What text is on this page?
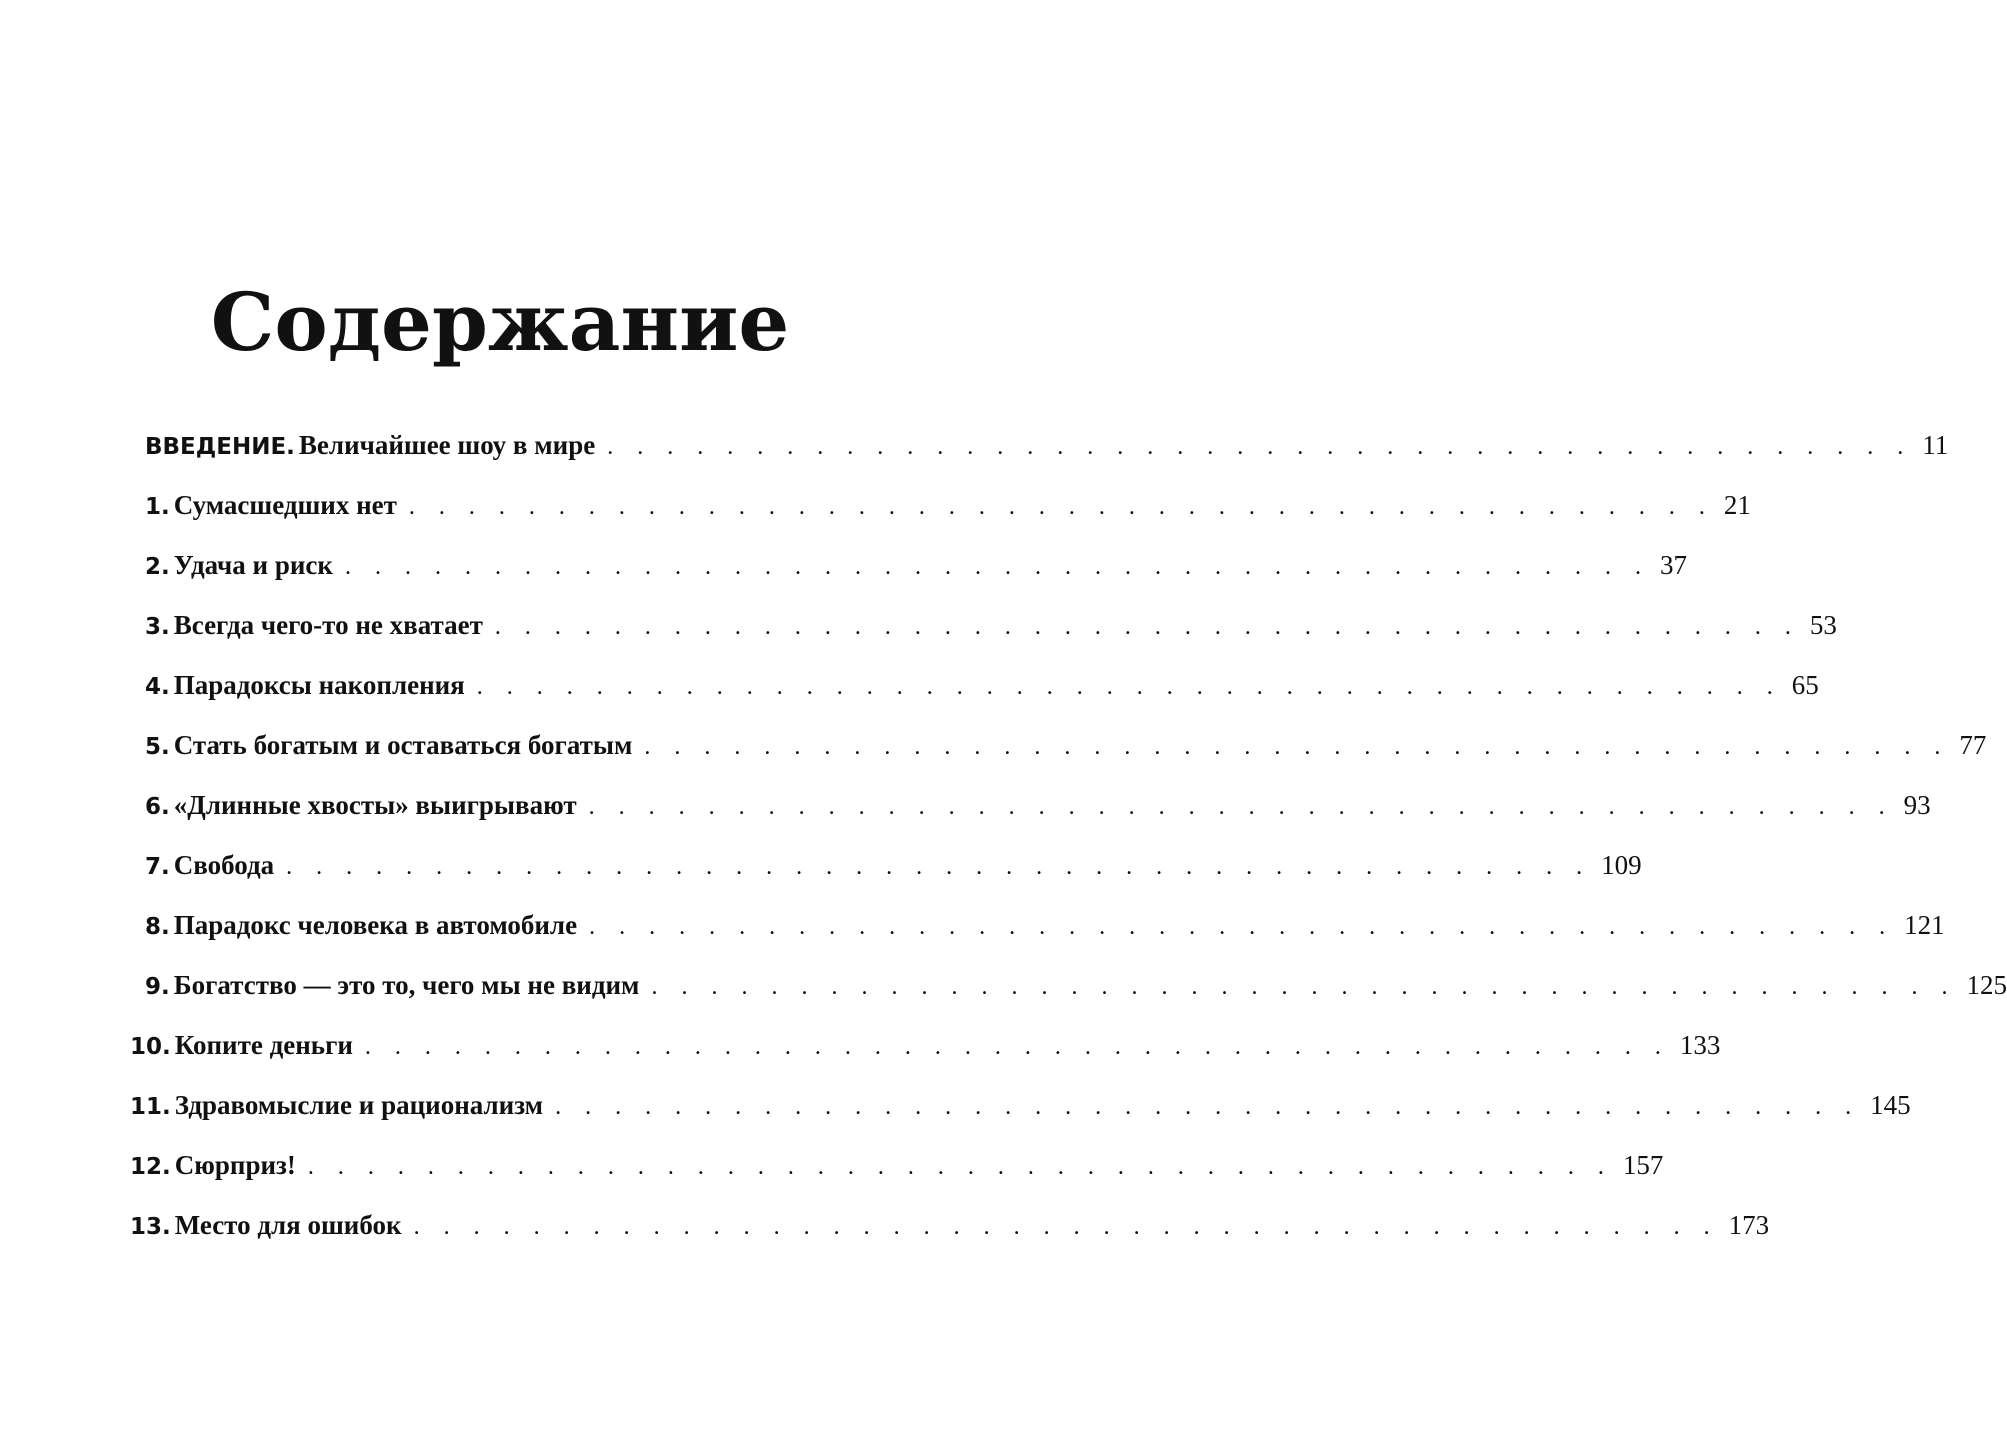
Содержание
ВВЕДЕНИЕ. Величайшее шоу в мире . . . . . . . . . . . . . . . . . . . . . . . . . . . . . . . . . . . . . . . . . . . . 11
1. Сумасшедших нет . . . . . . . . . . . . . . . . . . . . . . . . . . . . . . . . . . . . . . . . . . . . 21
2. Удача и риск . . . . . . . . . . . . . . . . . . . . . . . . . . . . . . . . . . . . . . . . . . . . 37
3. Всегда чего-то не хватает . . . . . . . . . . . . . . . . . . . . . . . . . . . . . . . . . . . . . . . . . . . . 53
4. Парадоксы накопления . . . . . . . . . . . . . . . . . . . . . . . . . . . . . . . . . . . . . . . . . . . . 65
5. Стать богатым и оставаться богатым . . . . . . . . . . . . . . . . . . . . . . . . . . . . . . . . . . . . . . . . . . . . 77
6. «Длинные хвосты» выигрывают . . . . . . . . . . . . . . . . . . . . . . . . . . . . . . . . . . . . . . . . . . . . 93
7. Свобода . . . . . . . . . . . . . . . . . . . . . . . . . . . . . . . . . . . . . . . . . . . . 109
8. Парадокс человека в автомобиле . . . . . . . . . . . . . . . . . . . . . . . . . . . . . . . . . . . . . . . . . . . . 121
9. Богатство — это то, чего мы не видим . . . . . . . . . . . . . . . . . . . . . . . . . . . . . . . . . . . . . . . . . . . . 125
10. Копите деньги . . . . . . . . . . . . . . . . . . . . . . . . . . . . . . . . . . . . . . . . . . . . 133
11. Здравомыслие и рационализм . . . . . . . . . . . . . . . . . . . . . . . . . . . . . . . . . . . . . . . . . . . . 145
12. Сюрприз! . . . . . . . . . . . . . . . . . . . . . . . . . . . . . . . . . . . . . . . . . . . . 157
13. Место для ошибок . . . . . . . . . . . . . . . . . . . . . . . . . . . . . . . . . . . . . . . . . . . . 173
